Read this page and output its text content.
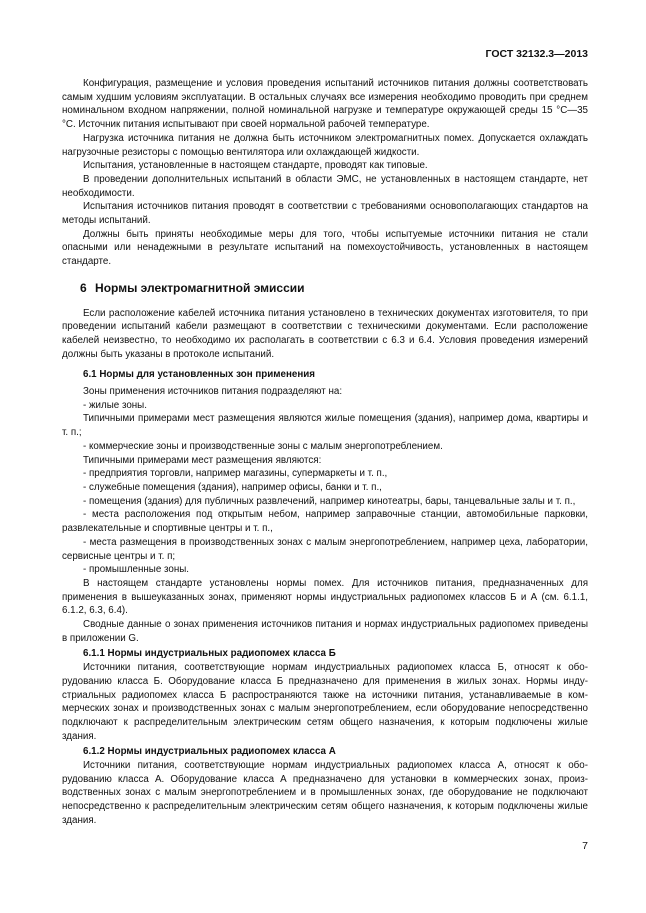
ГОСТ 32132.3—2013

Конфигурация, размещение и условия проведения испытаний источников питания должны соответствовать самым худшим условиям эксплуатации. В остальных случаях все измерения необходимо проводить при среднем номинальном входном напряжении, полной номинальной нагрузке и температуре окружающей среды 15 °С—35 °С. Источник питания испытывают при своей нормальной рабочей температуре.

Нагрузка источника питания не должна быть источником электромагнитных помех. Допускается охлаждать нагрузочные резисторы с помощью вентилятора или охлаждающей жидкости.

Испытания, установленные в настоящем стандарте, проводят как типовые.

В проведении дополнительных испытаний в области ЭМС, не установленных в настоящем стандарте, нет необходимости.

Испытания источников питания проводят в соответствии с требованиями основополагающих стандартов на методы испытаний.

Должны быть приняты необходимые меры для того, чтобы испытуемые источники питания не стали опасными или ненадежными в результате испытаний на помехоустойчивость, установленных в настоящем стандарте.

6 Нормы электромагнитной эмиссии

Если расположение кабелей источника питания установлено в технических документах изготовителя, то при проведении испытаний кабели размещают в соответствии с техническими документами. Если расположение кабелей неизвестно, то необходимо их располагать в соответствии с 6.3 и 6.4. Условия проведения измерений должны быть указаны в протоколе испытаний.

6.1 Нормы для установленных зон применения

Зоны применения источников питания подразделяют на:

- жилые зоны.

Типичными примерами мест размещения являются жилые помещения (здания), например дома, квартиры и т. п.;

- коммерческие зоны и производственные зоны с малым энергопотреблением.

Типичными примерами мест размещения являются:

- предприятия торговли, например магазины, супермаркеты и т. п.,

- служебные помещения (здания), например офисы, банки и т. п.,

- помещения (здания) для публичных развлечений, например кинотеатры, бары, танцевальные залы и т. п.,

- места расположения под открытым небом, например заправочные станции, автомобильные парковки, развлекательные и спортивные центры и т. п.,

- места размещения в производственных зонах с малым энергопотреблением, например цеха, лаборатории, сервисные центры и т. п;

- промышленные зоны.

В настоящем стандарте установлены нормы помех. Для источников питания, предназначенных для применения в вышеуказанных зонах, применяют нормы индустриальных радиопомех классов Б и А (см. 6.1.1, 6.1.2, 6.3, 6.4).

Сводные данные о зонах применения источников питания и нормах индустриальных радиопомех приведены в приложении G.

6.1.1 Нормы индустриальных радиопомех класса Б

Источники питания, соответствующие нормам индустриальных радиопомех класса Б, относят к оборудованию класса Б. Оборудование класса Б предназначено для применения в жилых зонах. Нормы индустриальных радиопомех класса Б распространяются также на источники питания, устанавливаемые в коммерческих зонах и производственных зонах с малым энергопотреблением, если оборудование непосредственно подключают к распределительным электрическим сетям общего назначения, к которым подключены жилые здания.

6.1.2 Нормы индустриальных радиопомех класса А

Источники питания, соответствующие нормам индустриальных радиопомех класса А, относят к оборудованию класса А. Оборудование класса А предназначено для установки в коммерческих зонах, производственных зонах с малым энергопотреблением и в промышленных зонах, где оборудование не подключают непосредственно к распределительным электрическим сетям общего назначения, к которым подключены жилые здания.

7
